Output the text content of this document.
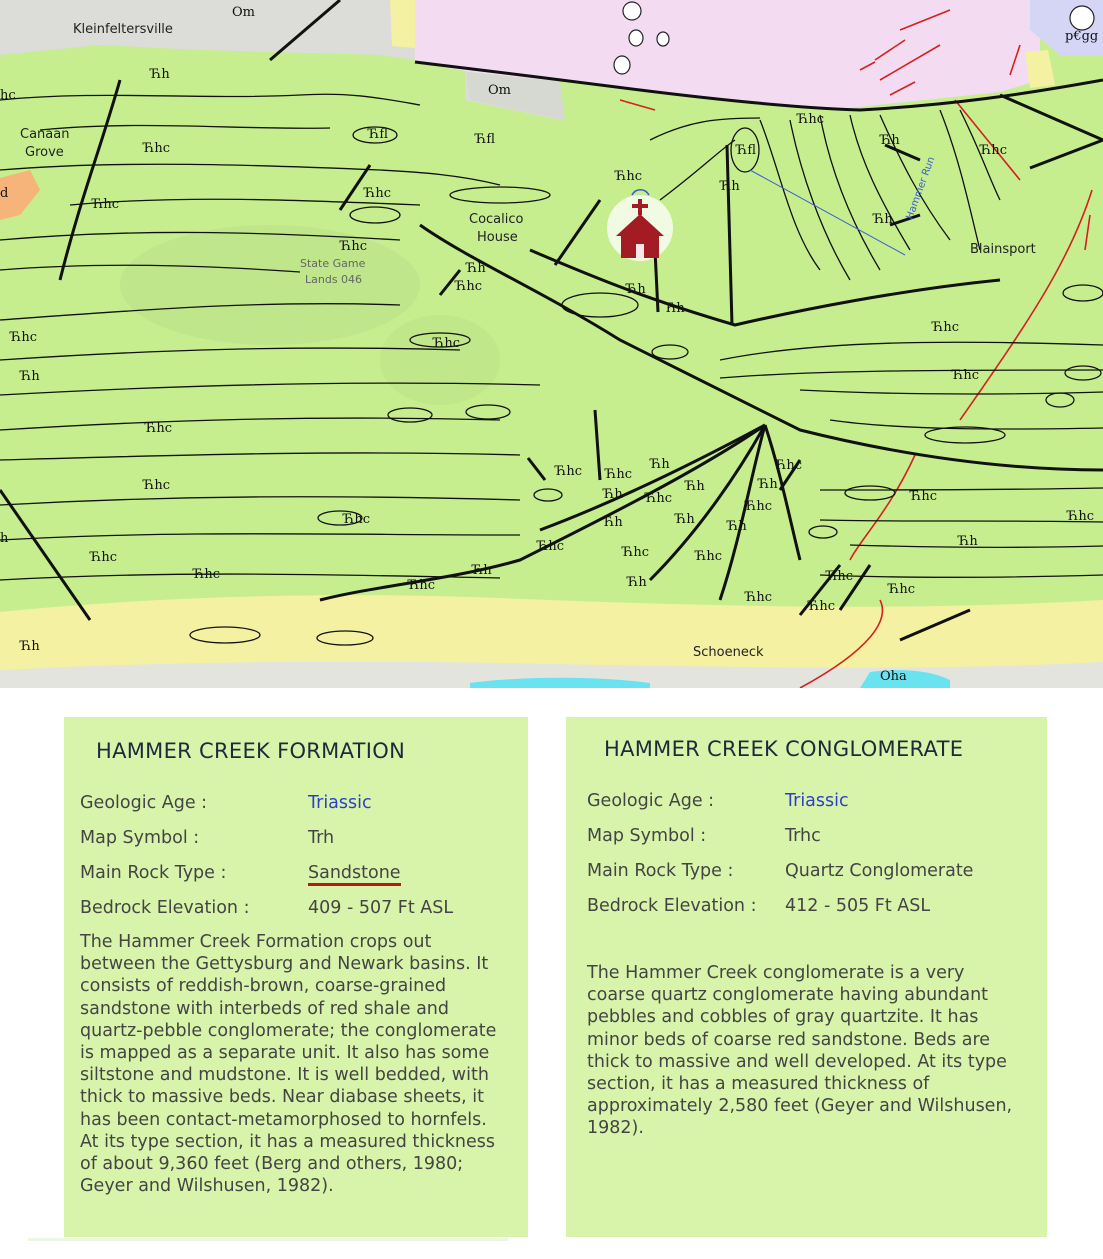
Kleinfeltersville
Canaan
Grove
Cocalico
House
State Game
Lands 046
Blainsport
Schoeneck
Hammer Run
Om
Om
p€gg
Oha
hc
d
h
Ћfl	Ћfl
Ћfl
Ћh
Ћh
Ћh
Ћh
Ћh
Ћh
Ћh
Ћh
Ћh
Ћh
Ћh	Ћh
Ћh	Ћh Ћh
Ћh
Ћh
Ћh
Ћh
Ћhc
Ћhc
Ћhc
Ћhc
Ћhc
Ћhc
Ћhc
Ћhc
Ћhc	Ћhc
Ћhc
Ћhc
Ћhc
Ћhc
Ћhc
Ћhc Ћhc
Ћhc
Ћhc
Ћhc
Ћhc
Ћhc
Ћhc
Ћhc
Ћhc	Ћhc	Ћhc
Ћhc
Ћhc
Ћhc
Ћhc
Ћhc
HAMMER CREEK FORMATION
Geologic Age :	Triassic
Map Symbol :	Trh
Main Rock Type :	Sandstone
Bedrock Elevation :	409 - 507 Ft ASL

The Hammer Creek Formation crops out between the Gettysburg and Newark basins. It consists of reddish-brown, coarse-grained sandstone with interbeds of red shale and quartz-pebble conglomerate; the conglomerate is mapped as a separate unit. It also has some siltstone and mudstone. It is well bedded, with thick to massive beds. Near diabase sheets, it has been contact-metamorphosed to hornfels. At its type section, it has a measured thickness of about 9,360 feet (Berg and others, 1980; Geyer and Wilshusen, 1982).

HAMMER CREEK CONGLOMERATE
Geologic Age :	Triassic
Map Symbol :	Trhc
Main Rock Type :	Quartz Conglomerate
Bedrock Elevation :	412 - 505 Ft ASL

The Hammer Creek conglomerate is a very coarse quartz conglomerate having abundant pebbles and cobbles of gray quartzite. It has minor beds of coarse red sandstone. Beds are thick to massive and well developed. At its type section, it has a measured thickness of approximately 2,580 feet (Geyer and Wilshusen, 1982).
